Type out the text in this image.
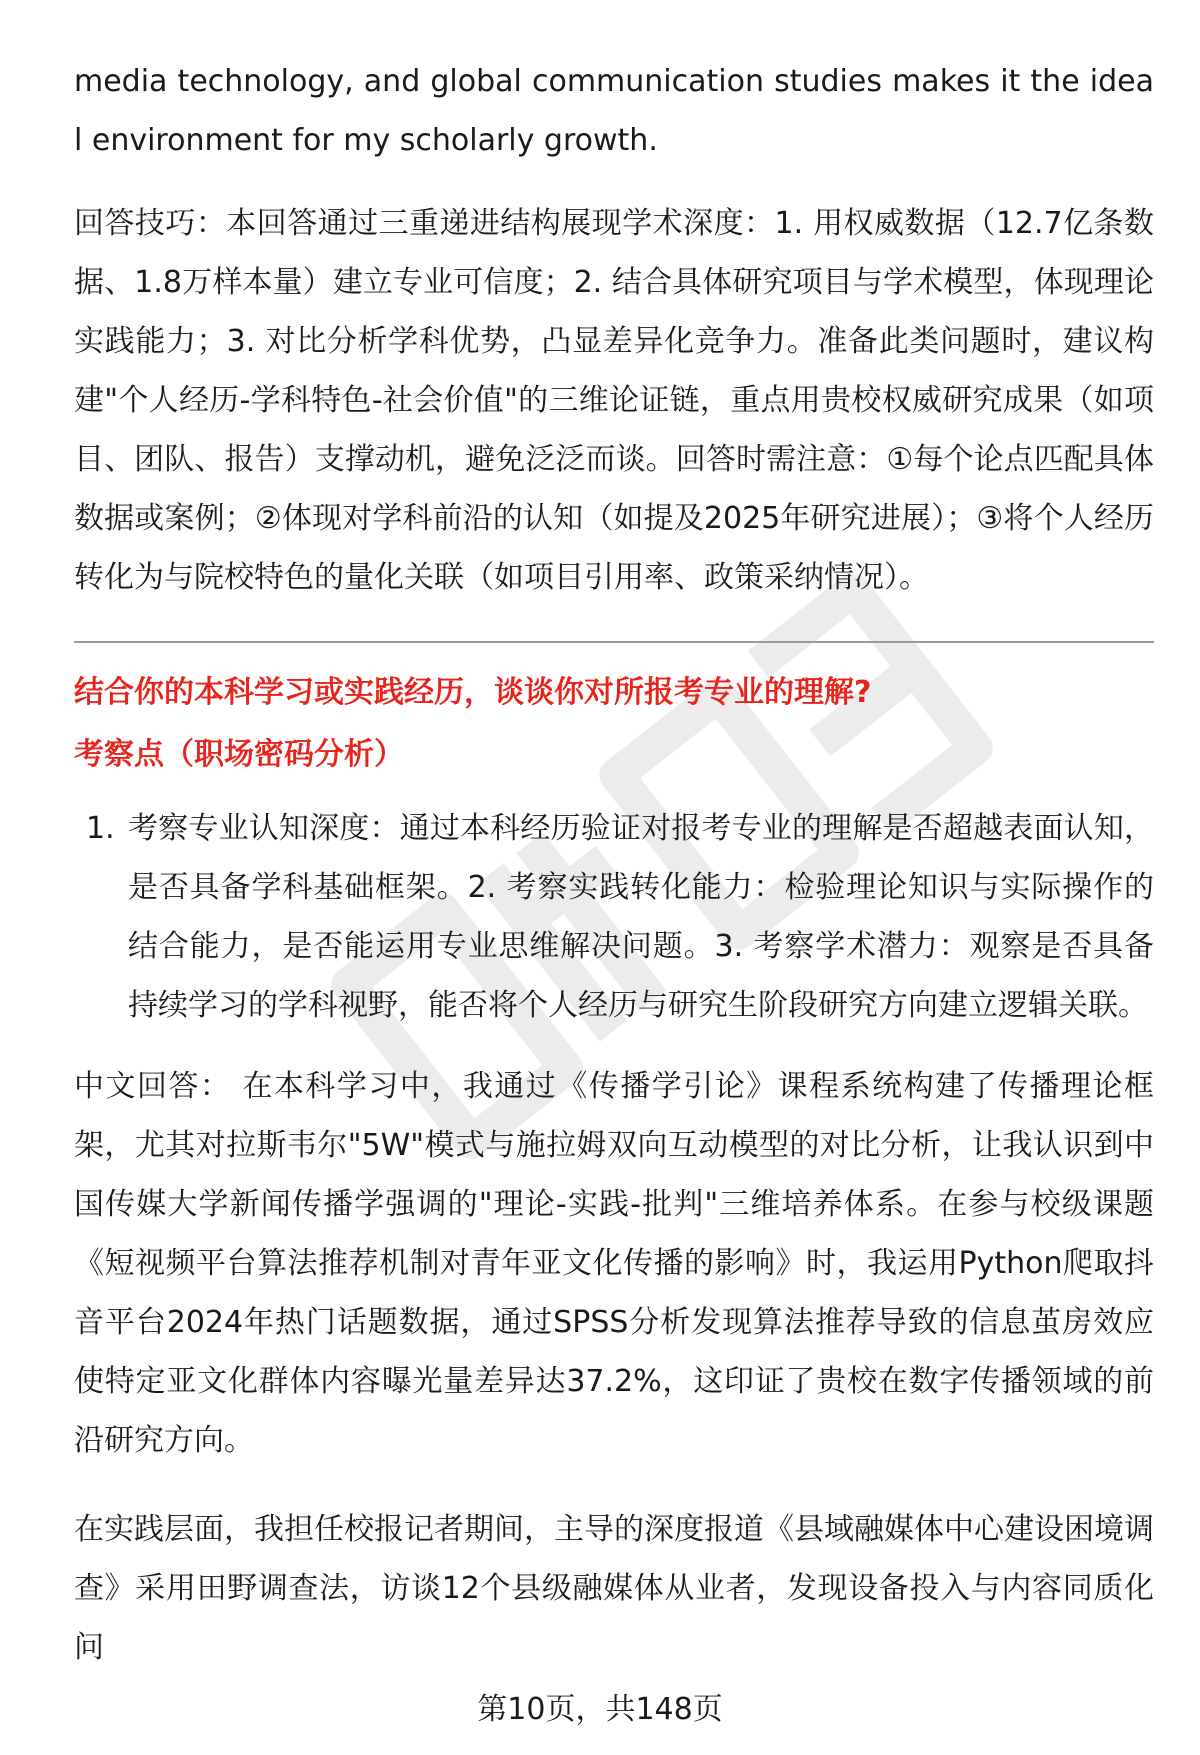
media technology, and global communication studies makes it the ideal environment for my scholarly growth.

回答技巧：本回答通过三重递进结构展现学术深度：1. 用权威数据（12.7亿条数据、1.8万样本量）建立专业可信度；2. 结合具体研究项目与学术模型，体现理论实践能力；3. 对比分析学科优势，凸显差异化竞争力。准备此类问题时，建议构建"个人经历-学科特色-社会价值"的三维论证链，重点用贵校权威研究成果（如项目、团队、报告）支撑动机，避免泛泛而谈。回答时需注意：①每个论点匹配具体数据或案例；②体现对学科前沿的认知（如提及2025年研究进展）；③将个人经历转化为与院校特色的量化关联（如项目引用率、政策采纳情况）。

结合你的本科学习或实践经历，谈谈你对所报考专业的理解?

考察点（职场密码分析）

1. 考察专业认知深度：通过本科经历验证对报考专业的理解是否超越表面认知，是否具备学科基础框架。2. 考察实践转化能力：检验理论知识与实际操作的结合能力，是否能运用专业思维解决问题。3. 考察学术潜力：观察是否具备持续学习的学科视野，能否将个人经历与研究生阶段研究方向建立逻辑关联。

中文回答： 在本科学习中，我通过《传播学引论》课程系统构建了传播理论框架，尤其对拉斯韦尔"5W"模式与施拉姆双向互动模型的对比分析，让我认识到中国传媒大学新闻传播学强调的"理论-实践-批判"三维培养体系。在参与校级课题《短视频平台算法推荐机制对青年亚文化传播的影响》时，我运用Python爬取抖音平台2024年热门话题数据，通过SPSS分析发现算法推荐导致的信息茧房效应使特定亚文化群体内容曝光量差异达37.2%，这印证了贵校在数字传播领域的前沿研究方向。

在实践层面，我担任校报记者期间，主导的深度报道《县域融媒体中心建设困境调查》采用田野调查法，访谈12个县级融媒体从业者，发现设备投入与内容同质化问

第10页，共148页
